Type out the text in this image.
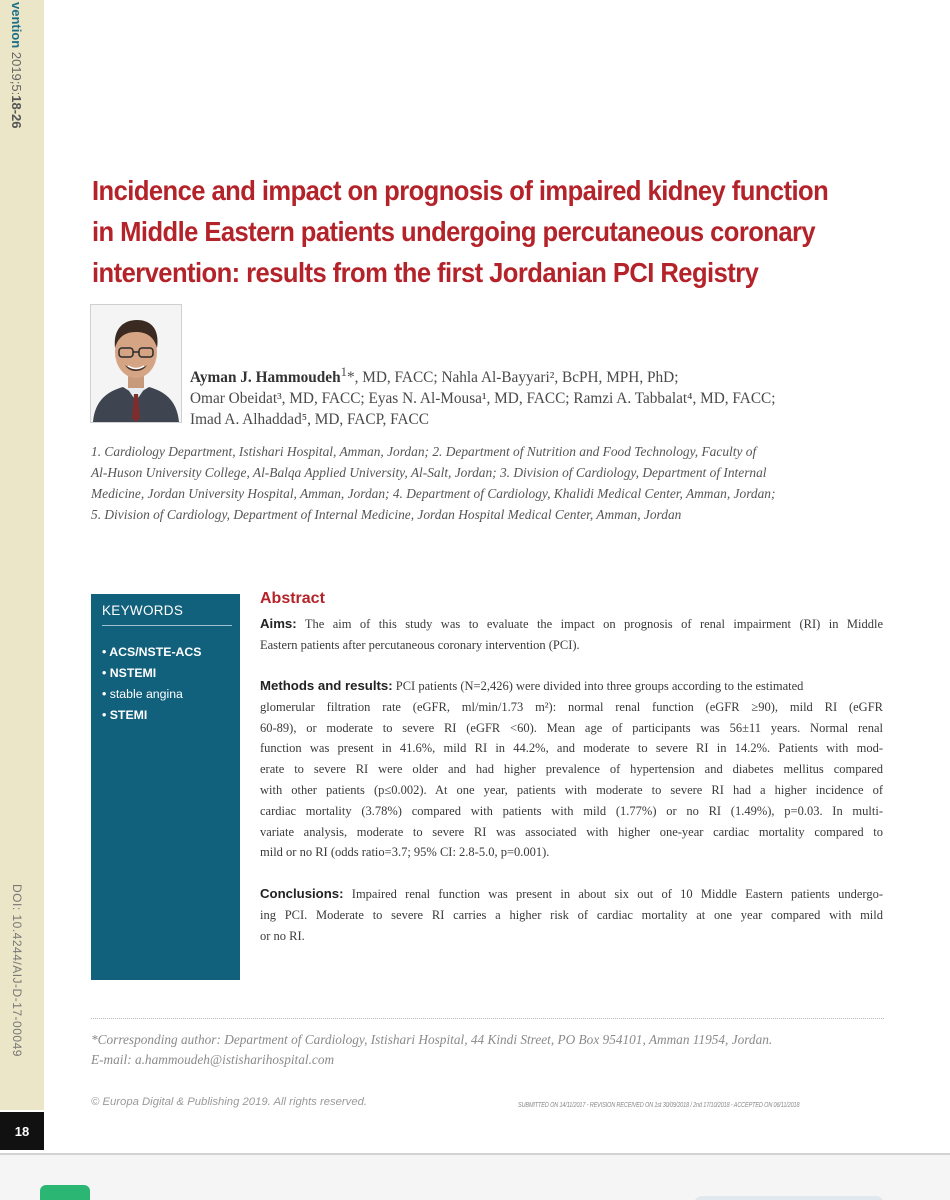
vention 2019;5:18-26
DOI: 10.4244/AIJ-D-17-00049
18
Incidence and impact on prognosis of impaired kidney function
in Middle Eastern patients undergoing percutaneous coronary
intervention: results from the first Jordanian PCI Registry
Ayman J. Hammoudeh$^1$*, MD, FACC; Nahla Al-Bayyari², BcPH, MPH, PhD;
Omar Obeidat³, MD, FACC; Eyas N. Al-Mousa¹, MD, FACC; Ramzi A. Tabbalat⁴, MD, FACC;
Imad A. Alhaddad⁵, MD, FACP, FACC
1. Cardiology Department, Istishari Hospital, Amman, Jordan; 2. Department of Nutrition and Food Technology, Faculty of
Al-Huson University College, Al-Balqa Applied University, Al-Salt, Jordan; 3. Division of Cardiology, Department of Internal
Medicine, Jordan University Hospital, Amman, Jordan; 4. Department of Cardiology, Khalidi Medical Center, Amman, Jordan;
5. Division of Cardiology, Department of Internal Medicine, Jordan Hospital Medical Center, Amman, Jordan
KEYWORDS
• ACS/NSTE-ACS
• NSTEMI
• stable angina
• STEMI
Abstract
Aims: The aim of this study was to evaluate the impact on prognosis of renal impairment (RI) in Middle
Eastern patients after percutaneous coronary intervention (PCI).
Methods and results: PCI patients (N=2,426) were divided into three groups according to the estimated
glomerular filtration rate (eGFR, ml/min/1.73 m²): normal renal function (eGFR ≥90), mild RI (eGFR
60-89), or moderate to severe RI (eGFR <60). Mean age of participants was 56±11 years. Normal renal
function was present in 41.6%, mild RI in 44.2%, and moderate to severe RI in 14.2%. Patients with mod-
erate to severe RI were older and had higher prevalence of hypertension and diabetes mellitus compared
with other patients (p≤0.002). At one year, patients with moderate to severe RI had a higher incidence of
cardiac mortality (3.78%) compared with patients with mild (1.77%) or no RI (1.49%), p=0.03. In multi-
variate analysis, moderate to severe RI was associated with higher one-year cardiac mortality compared to
mild or no RI (odds ratio=3.7; 95% CI: 2.8-5.0, p=0.001).
Conclusions: Impaired renal function was present in about six out of 10 Middle Eastern patients undergo-
ing PCI. Moderate to severe RI carries a higher risk of cardiac mortality at one year compared with mild
or no RI.
*Corresponding author: Department of Cardiology, Istishari Hospital, 44 Kindi Street, PO Box 954101, Amman 11954, Jordan.
E-mail: a.hammoudeh@istisharihospital.com
© Europa Digital & Publishing 2019. All rights reserved.	SUBMITTED ON 14/11/2017 - REVISION RECEIVED ON 1st 30/09/2018 / 2nd 17/10/2018 - ACCEPTED ON 06/11/2018
